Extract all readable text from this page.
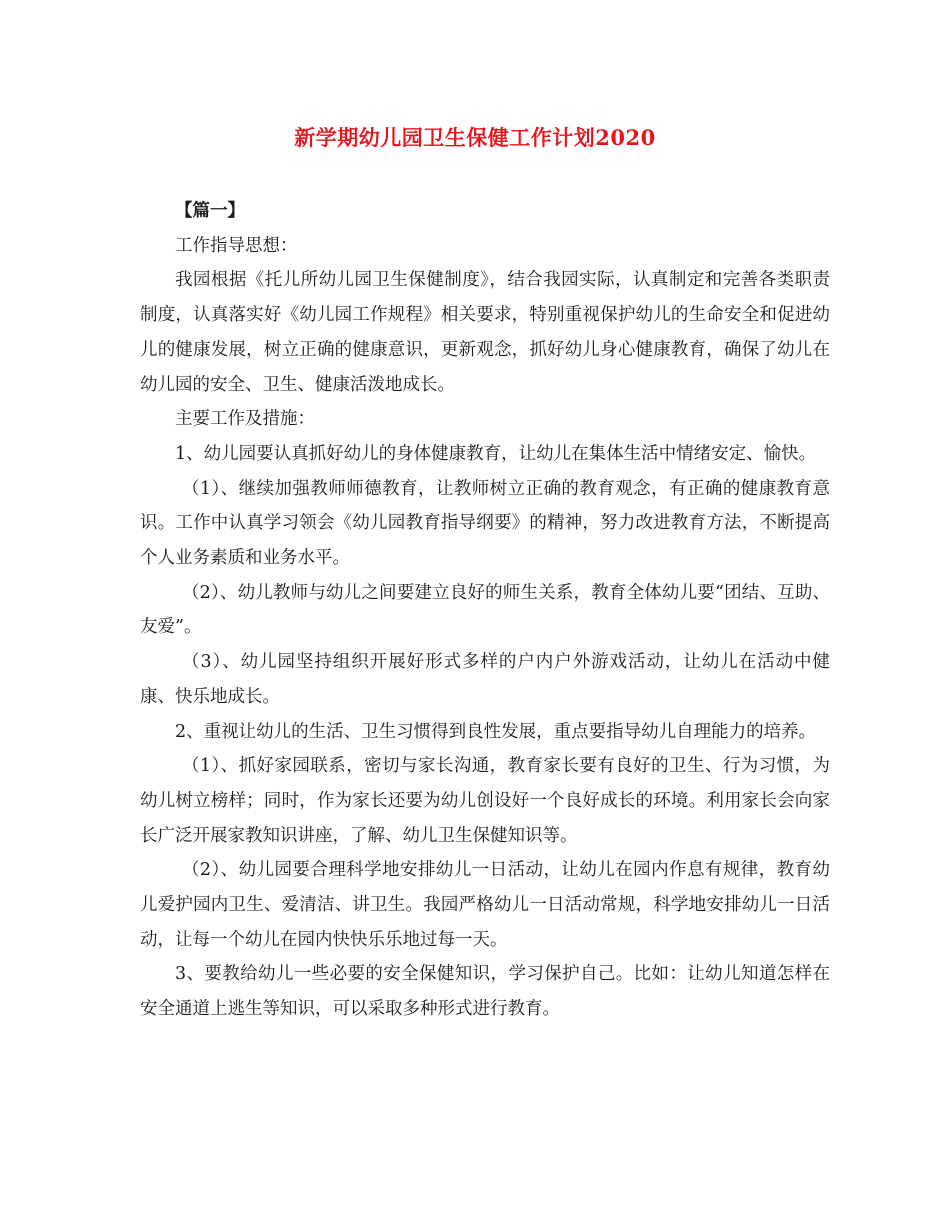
新学期幼儿园卫生保健工作计划2020

【篇一】

工作指导思想：

我园根据《托儿所幼儿园卫生保健制度》，结合我园实际，认真制定和完善各类职责制度，认真落实好《幼儿园工作规程》相关要求，特别重视保护幼儿的生命安全和促进幼儿的健康发展，树立正确的健康意识，更新观念，抓好幼儿身心健康教育，确保了幼儿在幼儿园的安全、卫生、健康活泼地成长。

主要工作及措施：

1、幼儿园要认真抓好幼儿的身体健康教育，让幼儿在集体生活中情绪安定、愉快。

（1）、继续加强教师师德教育，让教师树立正确的教育观念，有正确的健康教育意识。工作中认真学习领会《幼儿园教育指导纲要》的精神，努力改进教育方法，不断提高个人业务素质和业务水平。

（2）、幼儿教师与幼儿之间要建立良好的师生关系，教育全体幼儿要“团结、互助、友爱”。

（3）、幼儿园坚持组织开展好形式多样的户内户外游戏活动，让幼儿在活动中健康、快乐地成长。

2、重视让幼儿的生活、卫生习惯得到良性发展，重点要指导幼儿自理能力的培养。

（1）、抓好家园联系，密切与家长沟通，教育家长要有良好的卫生、行为习惯，为幼儿树立榜样；同时，作为家长还要为幼儿创设好一个良好成长的环境。利用家长会向家长广泛开展家教知识讲座，了解、幼儿卫生保健知识等。

（2）、幼儿园要合理科学地安排幼儿一日活动，让幼儿在园内作息有规律，教育幼儿爱护园内卫生、爱清洁、讲卫生。我园严格幼儿一日活动常规，科学地安排幼儿一日活动，让每一个幼儿在园内快快乐乐地过每一天。

3、要教给幼儿一些必要的安全保健知识，学习保护自己。比如：让幼儿知道怎样在安全通道上逃生等知识，可以采取多种形式进行教育。
